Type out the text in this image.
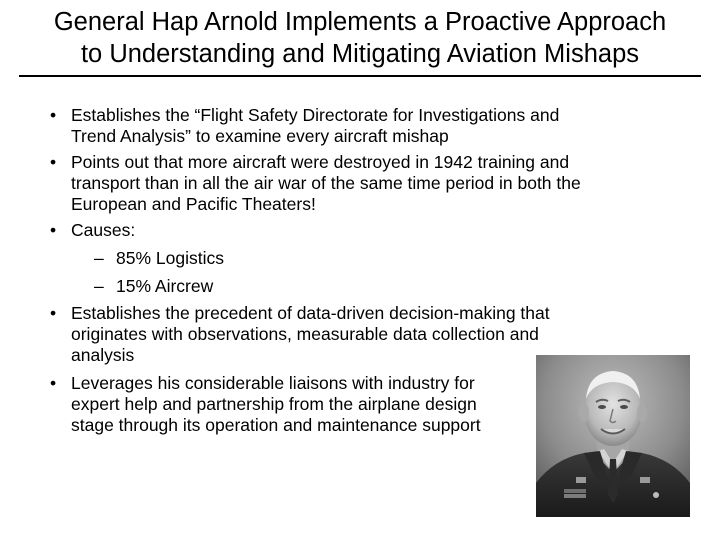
General Hap Arnold Implements a Proactive Approach
to Understanding and Mitigating Aviation Mishaps
• Establishes the “Flight Safety Directorate for Investigations and
Trend Analysis” to examine every aircraft mishap
• Points out that more aircraft were destroyed in 1942 training and
transport than in all the air war of the same time period in both the
European and Pacific Theaters!
• Causes:
– 85% Logistics
– 15% Aircrew
• Establishes the precedent of data-driven decision-making that
originates with observations, measurable data collection and
analysis
• Leverages his considerable liaisons with industry for
expert help and partnership from the airplane design
stage through its operation and maintenance support
